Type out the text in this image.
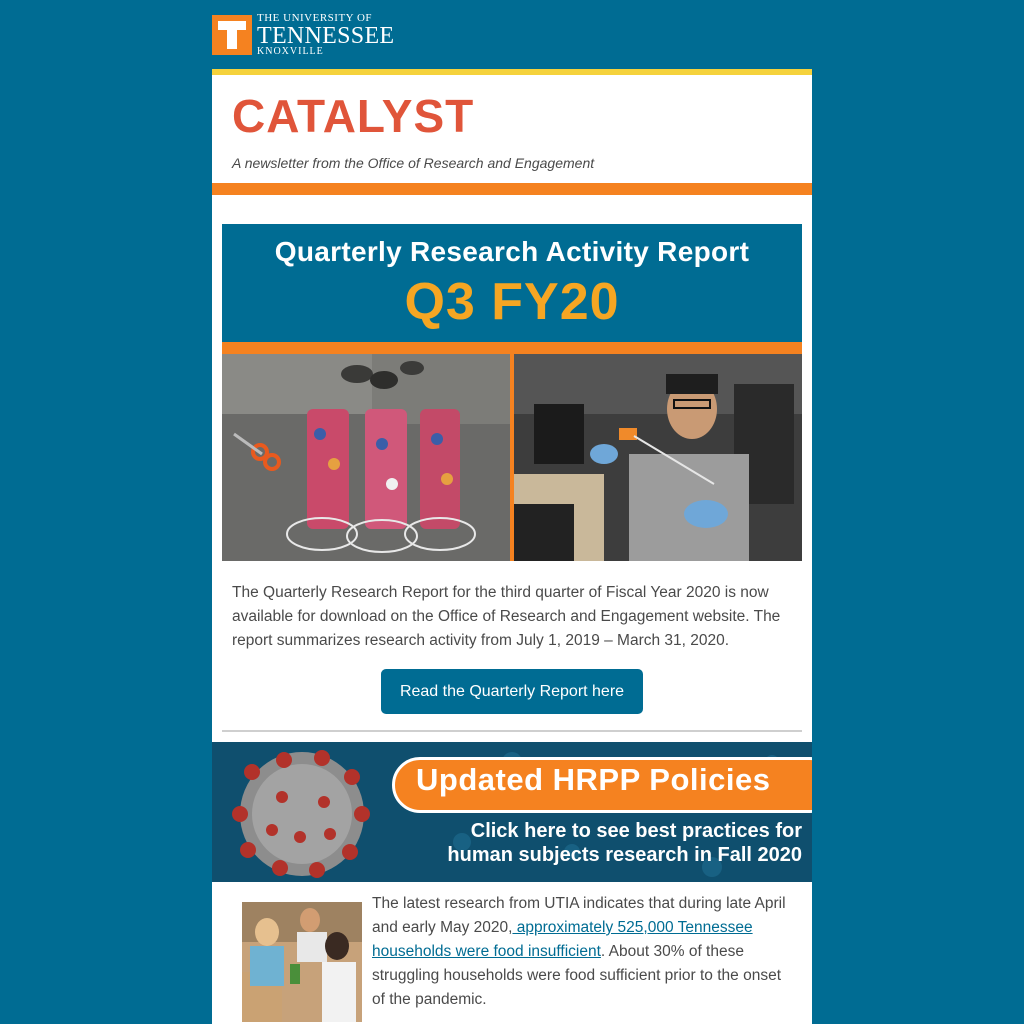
THE UNIVERSITY OF
TENNESSEE
KNOXVILLE
CATALYST
A newsletter from the Office of Research and Engagement
Quarterly Research Activity Report
Q3 FY20
The Quarterly Research Report for the third quarter of Fiscal Year 2020 is now available for download on the Office of Research and Engagement website. The report summarizes research activity from July 1, 2019 – March 31, 2020.
Read the Quarterly Report here
Updated HRPP Policies
Click here to see best practices for
human subjects research in Fall 2020
The latest research from UTIA indicates that during late April and early May 2020, approximately 525,000 Tennessee households were food insufficient. About 30% of these struggling households were food sufficient prior to the onset of the pandemic.
